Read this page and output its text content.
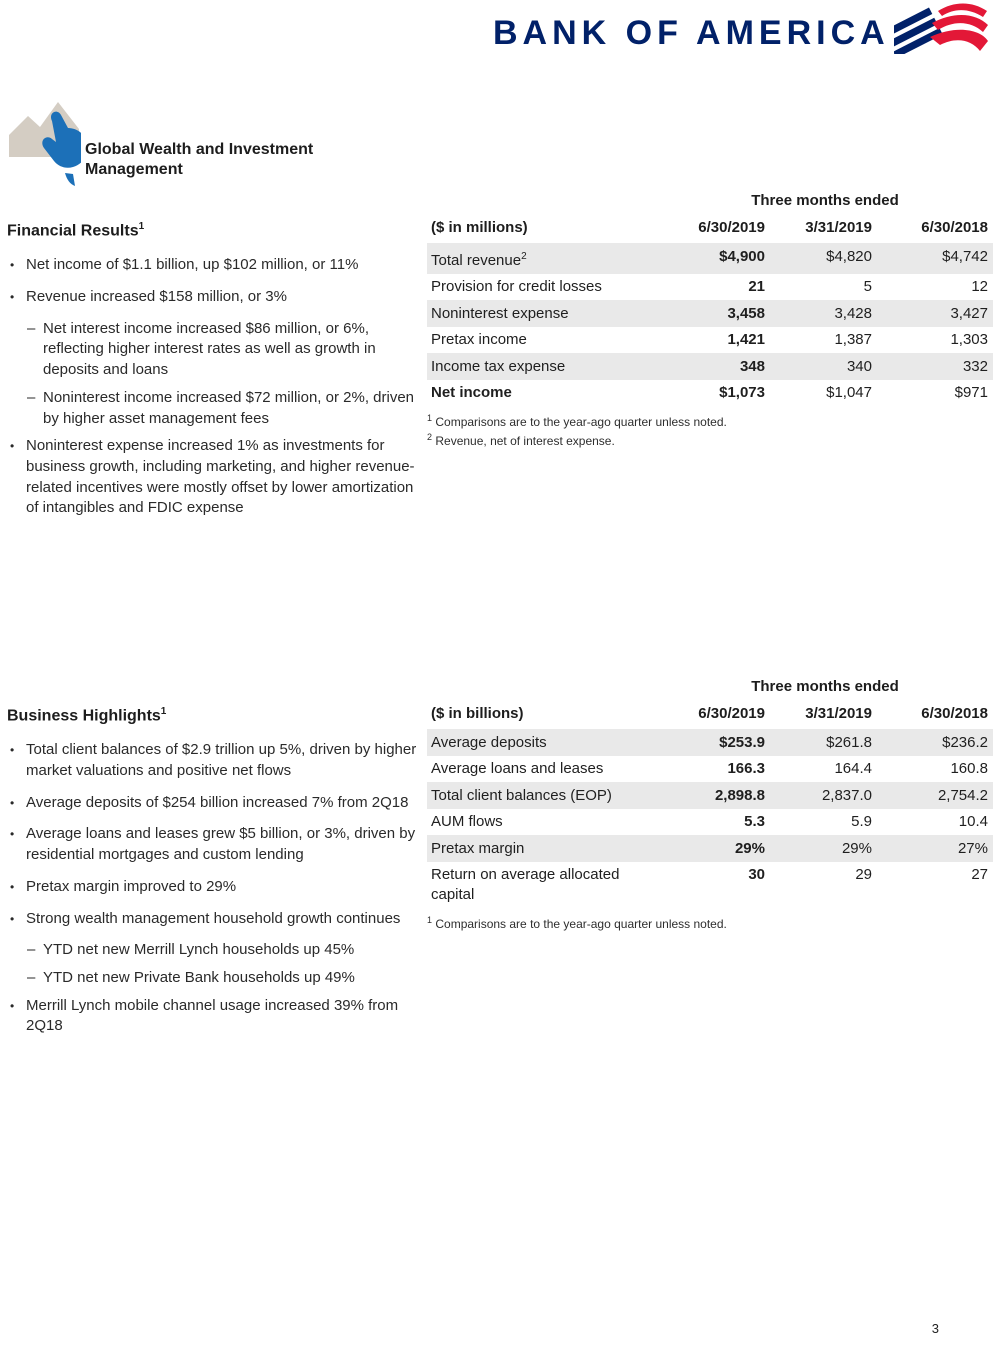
BANK OF AMERICA
Global Wealth and Investment Management
Financial Results$^1$
• Net income of $1.1 billion, up $102 million, or 11%
• Revenue increased $158 million, or 3%
– Net interest income increased $86 million, or 6%, reflecting higher interest rates as well as growth in deposits and loans
– Noninterest income increased $72 million, or 2%, driven by higher asset management fees
• Noninterest expense increased 1% as investments for business growth, including marketing, and higher revenue-related incentives were mostly offset by lower amortization of intangibles and FDIC expense
Three months ended
($ in millions)	6/30/2019	3/31/2019	6/30/2018
Total revenue$^2$	$4,900	$4,820	$4,742
Provision for credit losses	21	5	12
Noninterest expense	3,458	3,428	3,427
Pretax income	1,421	1,387	1,303
Income tax expense	348	340	332
Net income	$1,073	$1,047	$971
$^1$ Comparisons are to the year-ago quarter unless noted.
$^2$ Revenue, net of interest expense.
Business Highlights$^1$
• Total client balances of $2.9 trillion up 5%, driven by higher market valuations and positive net flows
• Average deposits of $254 billion increased 7% from 2Q18
• Average loans and leases grew $5 billion, or 3%, driven by residential mortgages and custom lending
• Pretax margin improved to 29%
• Strong wealth management household growth continues
– YTD net new Merrill Lynch households up 45%
– YTD net new Private Bank households up 49%
• Merrill Lynch mobile channel usage increased 39% from 2Q18
Three months ended
($ in billions)	6/30/2019	3/31/2019	6/30/2018
Average deposits	$253.9	$261.8	$236.2
Average loans and leases	166.3	164.4	160.8
Total client balances (EOP)	2,898.8	2,837.0	2,754.2
AUM flows	5.3	5.9	10.4
Pretax margin	29%	29%	27%
Return on average allocated capital	30	29	27
$^1$ Comparisons are to the year-ago quarter unless noted.
3
